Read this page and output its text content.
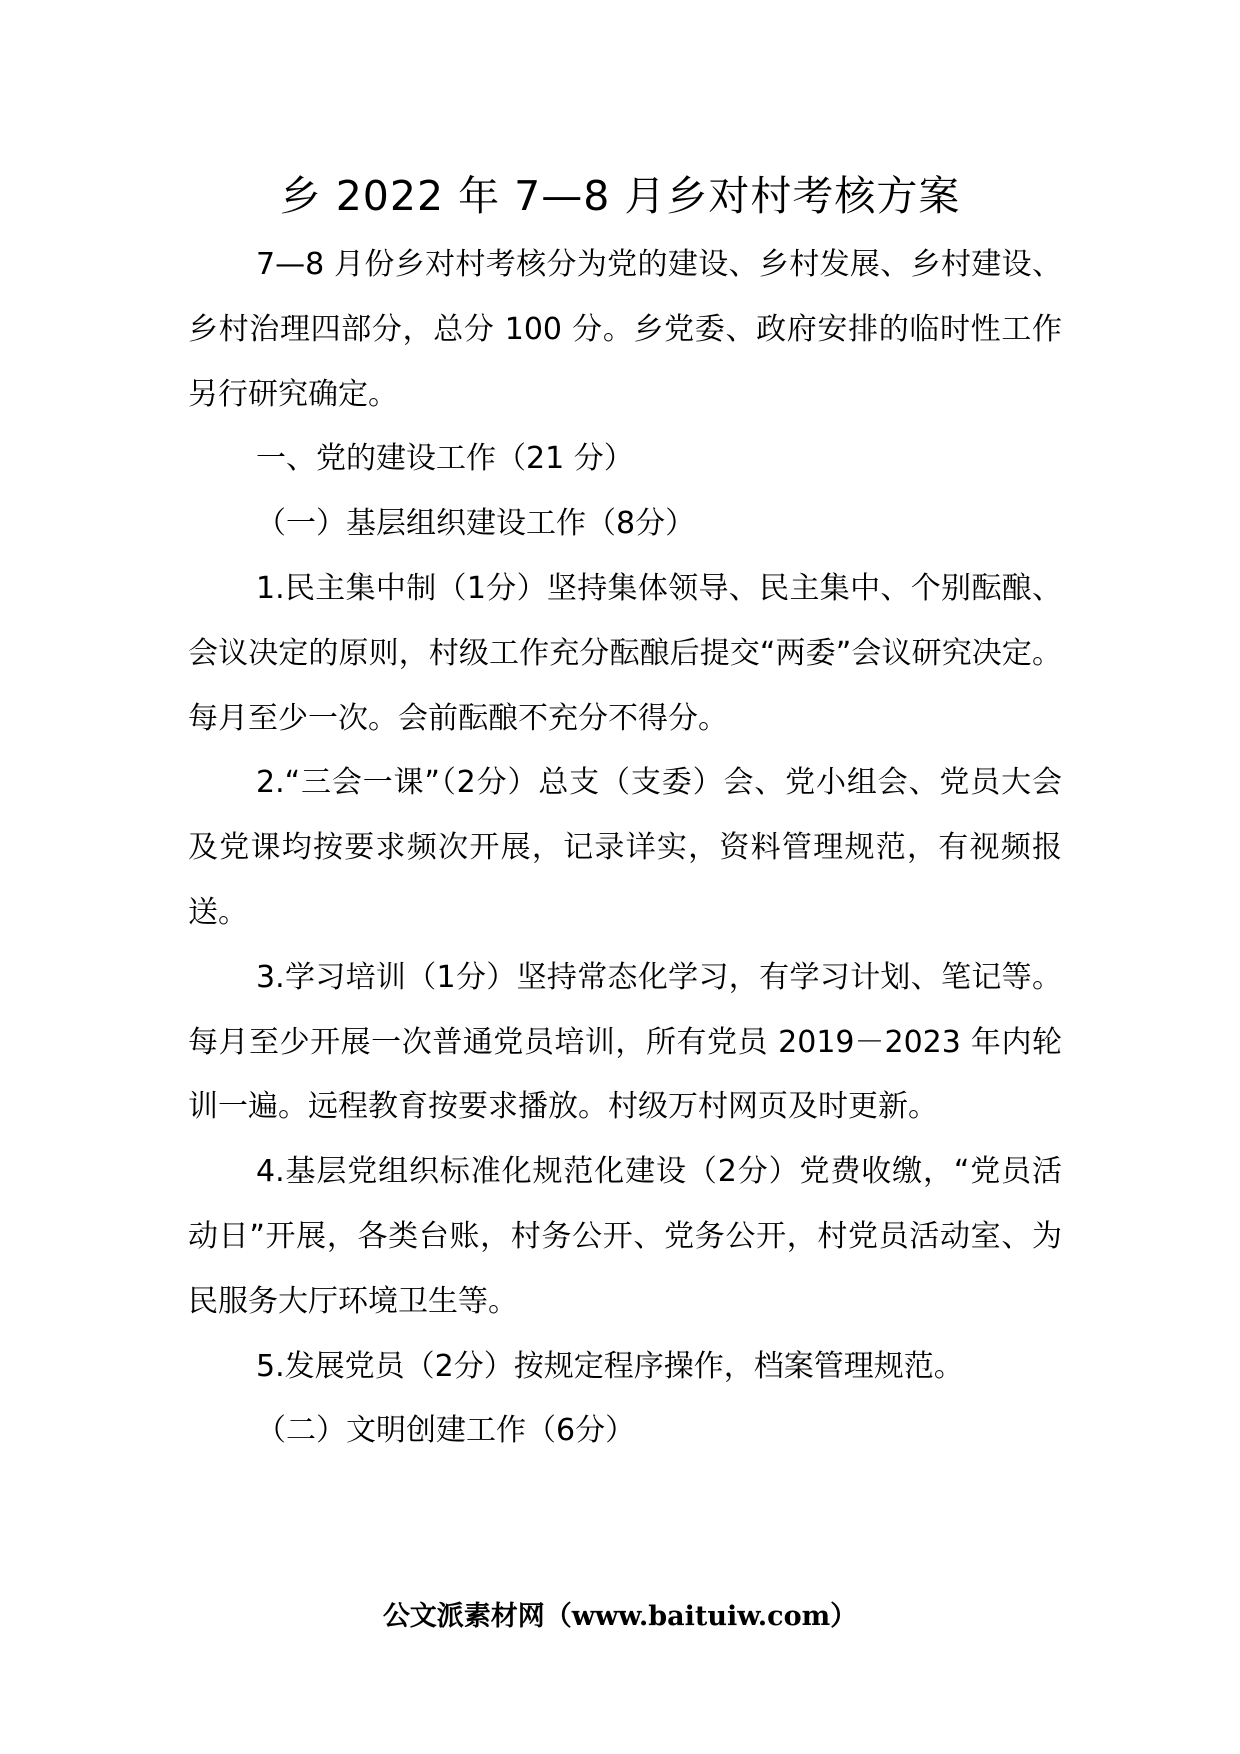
乡 2022 年 7—8 月乡对村考核方案

7—8 月份乡对村考核分为党的建设、乡村发展、乡村建设、乡村治理四部分，总分 100 分。乡党委、政府安排的临时性工作另行研究确定。

一、党的建设工作（21 分）

（一）基层组织建设工作（8分）

1.民主集中制（1分）坚持集体领导、民主集中、个别酝酿、会议决定的原则，村级工作充分酝酿后提交“两委”会议研究决定。每月至少一次。会前酝酿不充分不得分。

2.“三会一课”（2分）总支（支委）会、党小组会、党员大会及党课均按要求频次开展，记录详实，资料管理规范，有视频报送。

3.学习培训（1分）坚持常态化学习，有学习计划、笔记等。每月至少开展一次普通党员培训，所有党员 2019－2023 年内轮训一遍。远程教育按要求播放。村级万村网页及时更新。

4.基层党组织标准化规范化建设（2分）党费收缴，“党员活动日”开展，各类台账，村务公开、党务公开，村党员活动室、为民服务大厅环境卫生等。

5.发展党员（2分）按规定程序操作，档案管理规范。

（二）文明创建工作（6分）

公文派素材网（www.baituiw.com）
